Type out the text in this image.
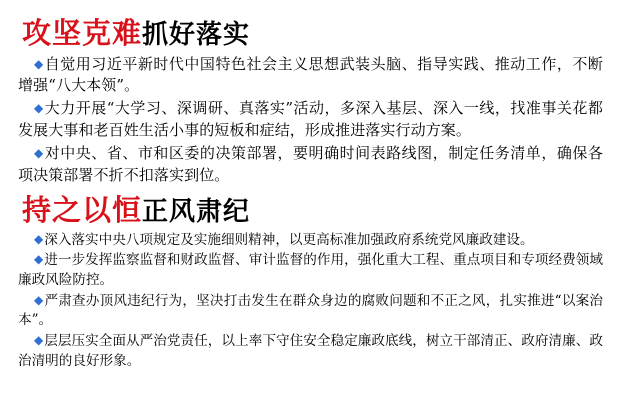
攻坚克难抓好落实

◆自觉用习近平新时代中国特色社会主义思想武装头脑、指导实践、推动工作，不断增强“八大本领”。

◆大力开展“大学习、深调研、真落实”活动，多深入基层、深入一线，找准事关花都发展大事和老百姓生活小事的短板和症结，形成推进落实行动方案。

◆对中央、省、市和区委的决策部署，要明确时间表路线图，制定任务清单，确保各项决策部署不折不扣落实到位。

持之以恒正风肃纪

◆深入落实中央八项规定及实施细则精神，以更高标准加强政府系统党风廉政建设。

◆进一步发挥监察监督和财政监督、审计监督的作用，强化重大工程、重点项目和专项经费领域廉政风险防控。

◆严肃查办顶风违纪行为，坚决打击发生在群众身边的腐败问题和不正之风，扎实推进“以案治本”。

◆层层压实全面从严治党责任，以上率下守住安全稳定廉政底线，树立干部清正、政府清廉、政治清明的良好形象。
